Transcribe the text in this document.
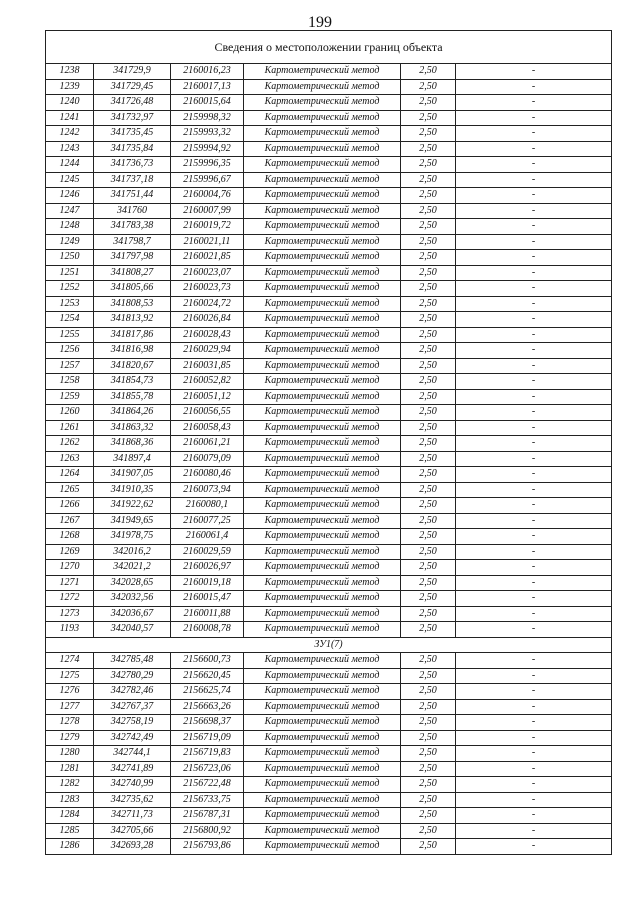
199
Сведения о местоположении границ объекта					
1238	341729,9	2160016,23	Картометрический метод	2,50	-
1239	341729,45	2160017,13	Картометрический метод	2,50	-
1240	341726,48	2160015,64	Картометрический метод	2,50	-
1241	341732,97	2159998,32	Картометрический метод	2,50	-
1242	341735,45	2159993,32	Картометрический метод	2,50	-
1243	341735,84	2159994,92	Картометрический метод	2,50	-
1244	341736,73	2159996,35	Картометрический метод	2,50	-
1245	341737,18	2159996,67	Картометрический метод	2,50	-
1246	341751,44	2160004,76	Картометрический метод	2,50	-
1247	341760	2160007,99	Картометрический метод	2,50	-
1248	341783,38	2160019,72	Картометрический метод	2,50	-
1249	341798,7	2160021,11	Картометрический метод	2,50	-
1250	341797,98	2160021,85	Картометрический метод	2,50	-
1251	341808,27	2160023,07	Картометрический метод	2,50	-
1252	341805,66	2160023,73	Картометрический метод	2,50	-
1253	341808,53	2160024,72	Картометрический метод	2,50	-
1254	341813,92	2160026,84	Картометрический метод	2,50	-
1255	341817,86	2160028,43	Картометрический метод	2,50	-
1256	341816,98	2160029,94	Картометрический метод	2,50	-
1257	341820,67	2160031,85	Картометрический метод	2,50	-
1258	341854,73	2160052,82	Картометрический метод	2,50	-
1259	341855,78	2160051,12	Картометрический метод	2,50	-
1260	341864,26	2160056,55	Картометрический метод	2,50	-
1261	341863,32	2160058,43	Картометрический метод	2,50	-
1262	341868,36	2160061,21	Картометрический метод	2,50	-
1263	341897,4	2160079,09	Картометрический метод	2,50	-
1264	341907,05	2160080,46	Картометрический метод	2,50	-
1265	341910,35	2160073,94	Картометрический метод	2,50	-
1266	341922,62	2160080,1	Картометрический метод	2,50	-
1267	341949,65	2160077,25	Картометрический метод	2,50	-
1268	341978,75	2160061,4	Картометрический метод	2,50	-
1269	342016,2	2160029,59	Картометрический метод	2,50	-
1270	342021,2	2160026,97	Картометрический метод	2,50	-
1271	342028,65	2160019,18	Картометрический метод	2,50	-
1272	342032,56	2160015,47	Картометрический метод	2,50	-
1273	342036,67	2160011,88	Картометрический метод	2,50	-
1193	342040,57	2160008,78	Картометрический метод	2,50	-
ЗУ1(7)					
1274	342785,48	2156600,73	Картометрический метод	2,50	-
1275	342780,29	2156620,45	Картометрический метод	2,50	-
1276	342782,46	2156625,74	Картометрический метод	2,50	-
1277	342767,37	2156663,26	Картометрический метод	2,50	-
1278	342758,19	2156698,37	Картометрический метод	2,50	-
1279	342742,49	2156719,09	Картометрический метод	2,50	-
1280	342744,1	2156719,83	Картометрический метод	2,50	-
1281	342741,89	2156723,06	Картометрический метод	2,50	-
1282	342740,99	2156722,48	Картометрический метод	2,50	-
1283	342735,62	2156733,75	Картометрический метод	2,50	-
1284	342711,73	2156787,31	Картометрический метод	2,50	-
1285	342705,66	2156800,92	Картометрический метод	2,50	-
1286	342693,28	2156793,86	Картометрический метод	2,50	-
